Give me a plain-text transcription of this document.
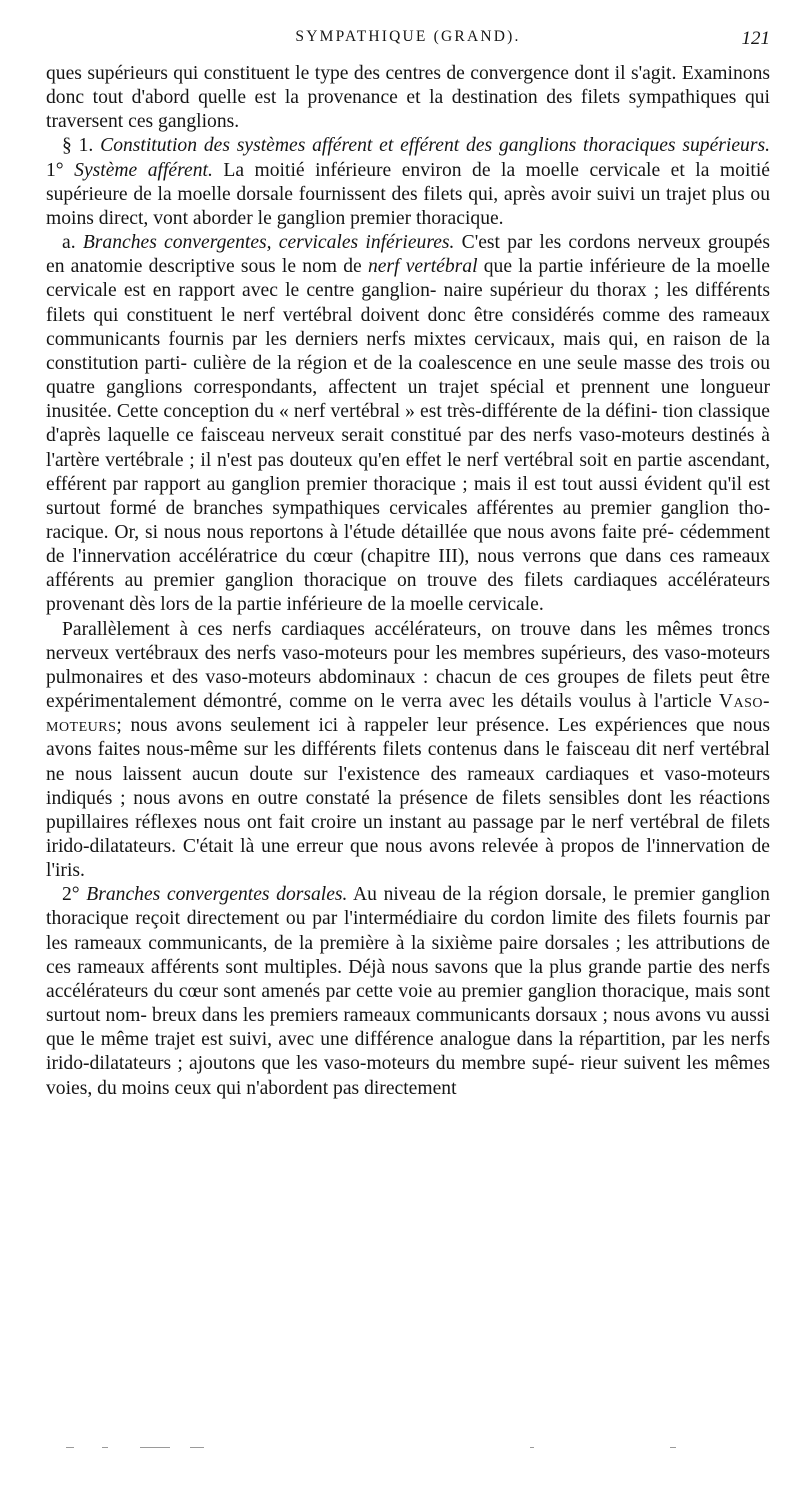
SYMPATHIQUE (GRAND).	121

ques supérieurs qui constituent le type des centres de convergence dont il s'agit. Examinons donc tout d'abord quelle est la provenance et la destination des filets sympathiques qui traversent ces ganglions.

§ 1. Constitution des systèmes afférent et efférent des ganglions thoraciques supérieurs. 1° Système afférent. La moitié inférieure environ de la moelle cervicale et la moitié supérieure de la moelle dorsale fournissent des filets qui, après avoir suivi un trajet plus ou moins direct, vont aborder le ganglion premier thoracique.

a. Branches convergentes, cervicales inférieures. C'est par les cordons nerveux groupés en anatomie descriptive sous le nom de nerf vertébral que la partie inférieure de la moelle cervicale est en rapport avec le centre ganglion- naire supérieur du thorax ; les différents filets qui constituent le nerf vertébral doivent donc être considérés comme des rameaux communicants fournis par les derniers nerfs mixtes cervicaux, mais qui, en raison de la constitution parti- culière de la région et de la coalescence en une seule masse des trois ou quatre ganglions correspondants, affectent un trajet spécial et prennent une longueur inusitée. Cette conception du « nerf vertébral » est très-différente de la défini- tion classique d'après laquelle ce faisceau nerveux serait constitué par des nerfs vaso-moteurs destinés à l'artère vertébrale ; il n'est pas douteux qu'en effet le nerf vertébral soit en partie ascendant, efférent par rapport au ganglion premier thoracique ; mais il est tout aussi évident qu'il est surtout formé de branches sympathiques cervicales afférentes au premier ganglion tho- racique. Or, si nous nous reportons à l'étude détaillée que nous avons faite pré- cédemment de l'innervation accélératrice du cœur (chapitre III), nous verrons que dans ces rameaux afférents au premier ganglion thoracique on trouve des filets cardiaques accélérateurs provenant dès lors de la partie inférieure de la moelle cervicale.

Parallèlement à ces nerfs cardiaques accélérateurs, on trouve dans les mêmes troncs nerveux vertébraux des nerfs vaso-moteurs pour les membres supérieurs, des vaso-moteurs pulmonaires et des vaso-moteurs abdominaux : chacun de ces groupes de filets peut être expérimentalement démontré, comme on le verra avec les détails voulus à l'article Vaso-moteurs; nous avons seulement ici à rappeler leur présence. Les expériences que nous avons faites nous-même sur les différents filets contenus dans le faisceau dit nerf vertébral ne nous laissent aucun doute sur l'existence des rameaux cardiaques et vaso-moteurs indiqués ; nous avons en outre constaté la présence de filets sensibles dont les réactions pupillaires réflexes nous ont fait croire un instant au passage par le nerf vertébral de filets irido-dilatateurs. C'était là une erreur que nous avons relevée à propos de l'innervation de l'iris.

2° Branches convergentes dorsales. Au niveau de la région dorsale, le premier ganglion thoracique reçoit directement ou par l'intermédiaire du cordon limite des filets fournis par les rameaux communicants, de la première à la sixième paire dorsales ; les attributions de ces rameaux afférents sont multiples. Déjà nous savons que la plus grande partie des nerfs accélérateurs du cœur sont amenés par cette voie au premier ganglion thoracique, mais sont surtout nom- breux dans les premiers rameaux communicants dorsaux ; nous avons vu aussi que le même trajet est suivi, avec une différence analogue dans la répartition, par les nerfs irido-dilatateurs ; ajoutons que les vaso-moteurs du membre supé- rieur suivent les mêmes voies, du moins ceux qui n'abordent pas directement
